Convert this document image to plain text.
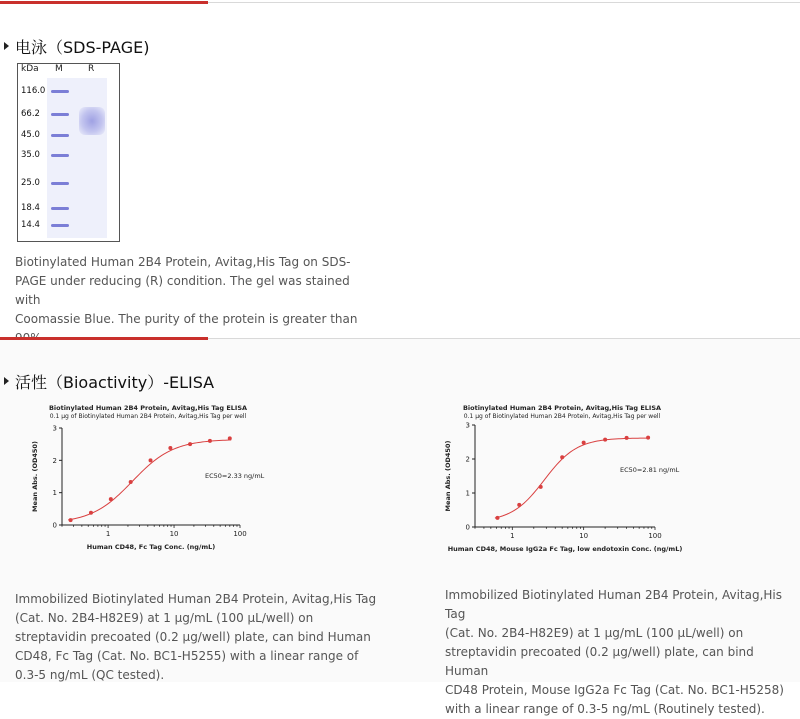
电泳（SDS-PAGE)
kDa M	R
116.0
66.2
45.0
35.0
25.0
18.4
14.4
Biotinylated Human 2B4 Protein, Avitag,His Tag on SDS-
PAGE under reducing (R) condition. The gel was stained with
Coomassie Blue. The purity of the protein is greater than
活性（Bioactivity）-ELISA
Biotinylated Human 2B4 Protein, Avitag,His Tag ELISA
0.1 μg of Biotinylated Human 2B4 Protein, Avitag,His Tag per well
0
1
2
3
1	10	100
Human CD48, Fc Tag Conc. (ng/mL)
Mean Abs. (OD450)	EC50=2.33 ng/mL
Biotinylated Human 2B4 Protein, Avitag,His Tag ELISA
0.1 μg of Biotinylated Human 2B4 Protein, Avitag,His Tag per well
0
1
2
3
1	10	100
Human CD48, Mouse IgG2a Fc Tag, low endotoxin Conc. (ng/mL)
Mean Abs. (OD450)	EC50=2.81 ng/mL
Immobilized Biotinylated Human 2B4 Protein, Avitag,His Tag
(Cat. No. 2B4-H82E9) at 1 μg/mL (100 μL/well) on
streptavidin precoated (0.2 μg/well) plate, can bind Human
CD48, Fc Tag (Cat. No. BC1-H5255) with a linear range of
0.3-5 ng/mL (QC tested).
Immobilized Biotinylated Human 2B4 Protein, Avitag,His Tag
(Cat. No. 2B4-H82E9) at 1 μg/mL (100 μL/well) on
streptavidin precoated (0.2 μg/well) plate, can bind Human
CD48 Protein, Mouse IgG2a Fc Tag (Cat. No. BC1-H5258)
with a linear range of 0.3-5 ng/mL (Routinely tested).
